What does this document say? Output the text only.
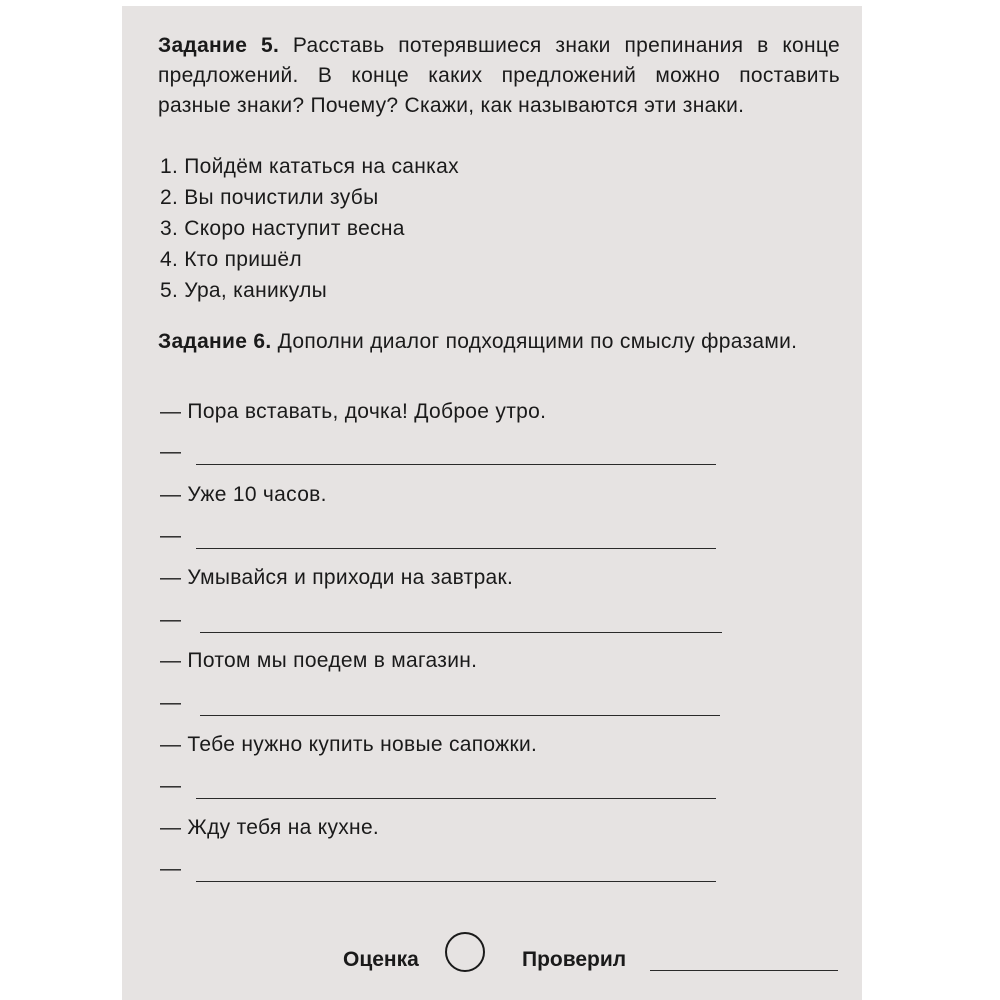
Задание 5. Расставь потерявшиеся знаки препинания в конце предложений. В конце каких предложений можно поставить разные знаки? Почему? Скажи, как называются эти знаки.
1. Пойдём кататься на санках
2. Вы почистили зубы
3. Скоро наступит весна
4. Кто пришёл
5. Ура, каникулы
Задание 6. Дополни диалог подходящими по смыслу фразами.
— Пора вставать, дочка! Доброе утро.
—
— Уже 10 часов.
—
— Умывайся и приходи на завтрак.
—
— Потом мы поедем в магазин.
—
— Тебе нужно купить новые сапожки.
—
— Жду тебя на кухне.
—
Оценка	Проверил
